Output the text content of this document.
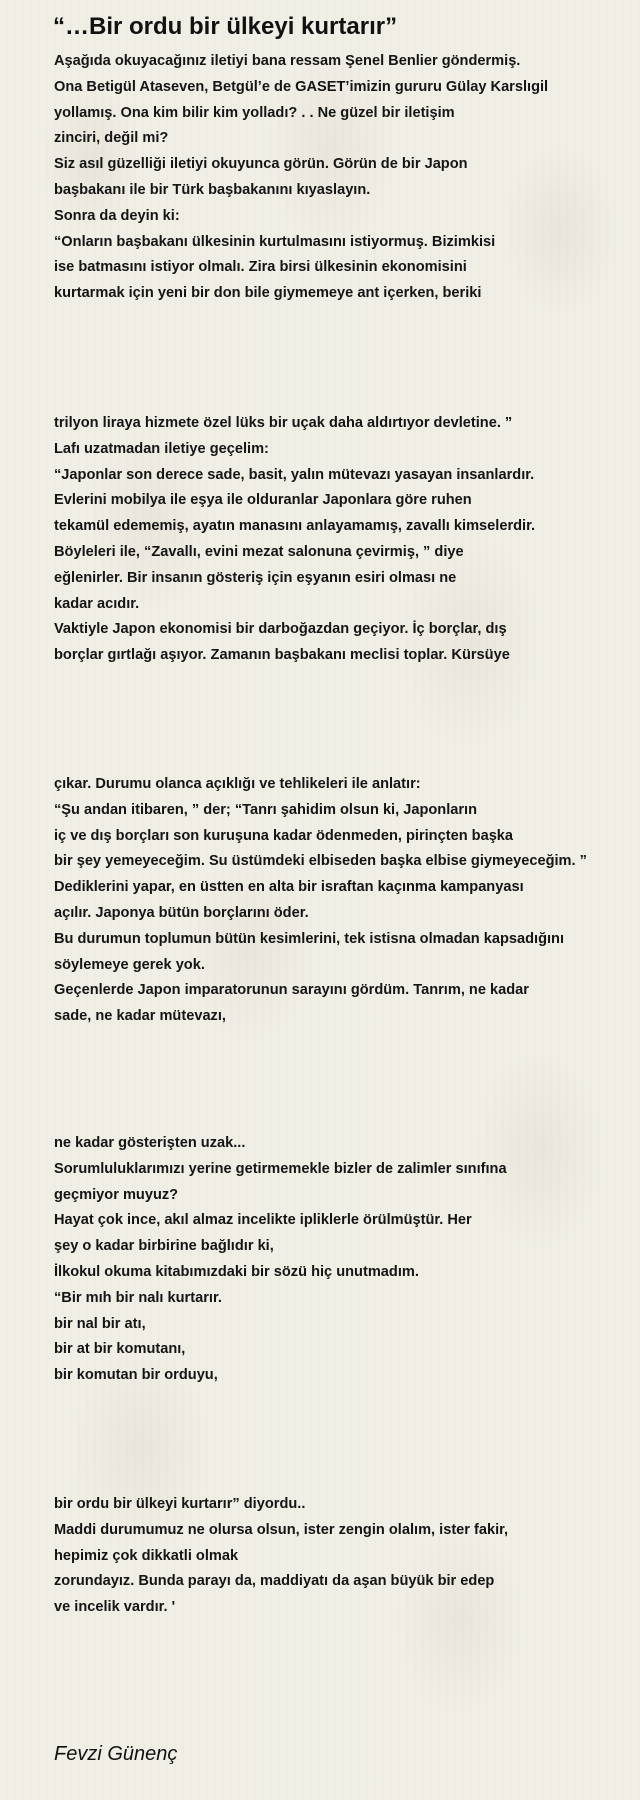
“…Bir ordu bir ülkeyi kurtarır”
Aşağıda okuyacağınız iletiyi bana ressam Şenel Benlier göndermiş.
Ona Betigül Ataseven, Betgül’e de GASET’imizin gururu Gülay Karslıgil
yollamış. Ona kim bilir kim yolladı? . . Ne güzel bir iletişim
zinciri, değil mi?
Siz asıl güzelliği iletiyi okuyunca görün. Görün de bir Japon
başbakanı ile bir Türk başbakanını kıyaslayın.
Sonra da deyin ki:
“Onların başbakanı ülkesinin kurtulmasını istiyormuş. Bizimkisi
ise batmasını istiyor olmalı. Zira birsi ülkesinin ekonomisini
kurtarmak için yeni bir don bile giymemeye ant içerken, beriki
trilyon liraya hizmete özel lüks bir uçak daha aldırtıyor devletine. ”
Lafı uzatmadan iletiye geçelim:
“Japonlar son derece sade, basit, yalın mütevazı yasayan insanlardır.
Evlerini mobilya ile eşya ile olduranlar Japonlara göre ruhen
tekamül edememiş, ayatın manasını anlayamamış, zavallı kimselerdir.
Böyleleri ile, “Zavallı, evini mezat salonuna çevirmiş, ” diye
eğlenirler. Bir insanın gösteriş için eşyanın esiri olması ne
kadar acıdır.
Vaktiyle Japon ekonomisi bir darboğazdan geçiyor. İç borçlar, dış
borçlar gırtlağı aşıyor. Zamanın başbakanı meclisi toplar. Kürsüye
çıkar. Durumu olanca açıklığı ve tehlikeleri ile anlatır:
“Şu andan itibaren, ” der; “Tanrı şahidim olsun ki, Japonların
iç ve dış borçları son kuruşuna kadar ödenmeden, pirinçten başka
bir şey yemeyeceğim. Su üstümdeki elbiseden başka elbise giymeyeceğim. ”
Dediklerini yapar, en üstten en alta bir israftan kaçınma kampanyası
açılır. Japonya bütün borçlarını öder.
Bu durumun toplumun bütün kesimlerini, tek istisna olmadan kapsadığını
söylemeye gerek yok.
Geçenlerde Japon imparatorunun sarayını gördüm. Tanrım, ne kadar
sade, ne kadar mütevazı,
ne kadar gösterişten uzak...
Sorumluluklarımızı yerine getirmemekle bizler de zalimler sınıfına
geçmiyor muyuz?
Hayat çok ince, akıl almaz incelikte ipliklerle örülmüştür. Her
şey o kadar birbirine bağlıdır ki,
İlkokul okuma kitabımızdaki bir sözü hiç unutmadım.
“Bir mıh bir nalı kurtarır.
bir nal bir atı,
bir at bir komutanı,
bir komutan bir orduyu,
bir ordu bir ülkeyi kurtarır” diyordu..
Maddi durumumuz ne olursa olsun, ister zengin olalım, ister fakir,
hepimiz çok dikkatli olmak
zorundayız. Bunda parayı da, maddiyatı da aşan büyük bir edep
ve incelik vardır. '

Fevzi Günenç
